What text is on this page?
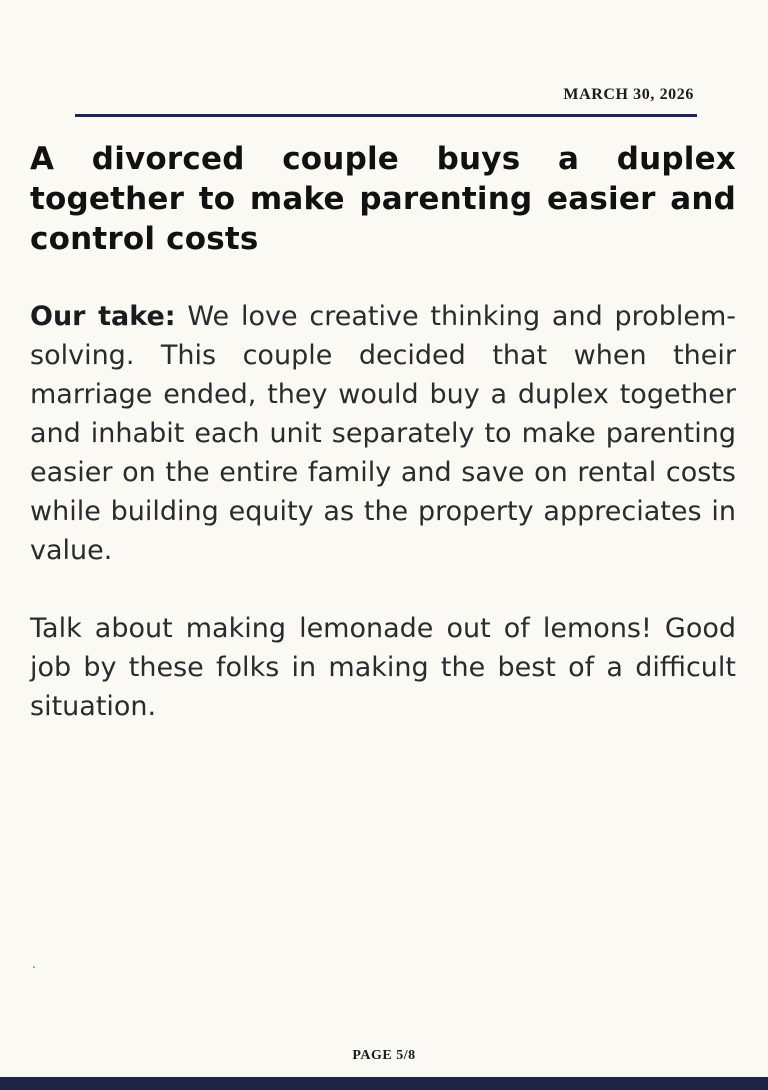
MARCH 30, 2026
A divorced couple buys a duplex together to make parenting easier and control costs

Our take: We love creative thinking and problem-solving. This couple decided that when their marriage ended, they would buy a duplex together and inhabit each unit separately to make parenting easier on the entire family and save on rental costs while building equity as the property appreciates in value.

Talk about making lemonade out of lemons! Good job by these folks in making the best of a difficult situation.

.
PAGE 5/8
